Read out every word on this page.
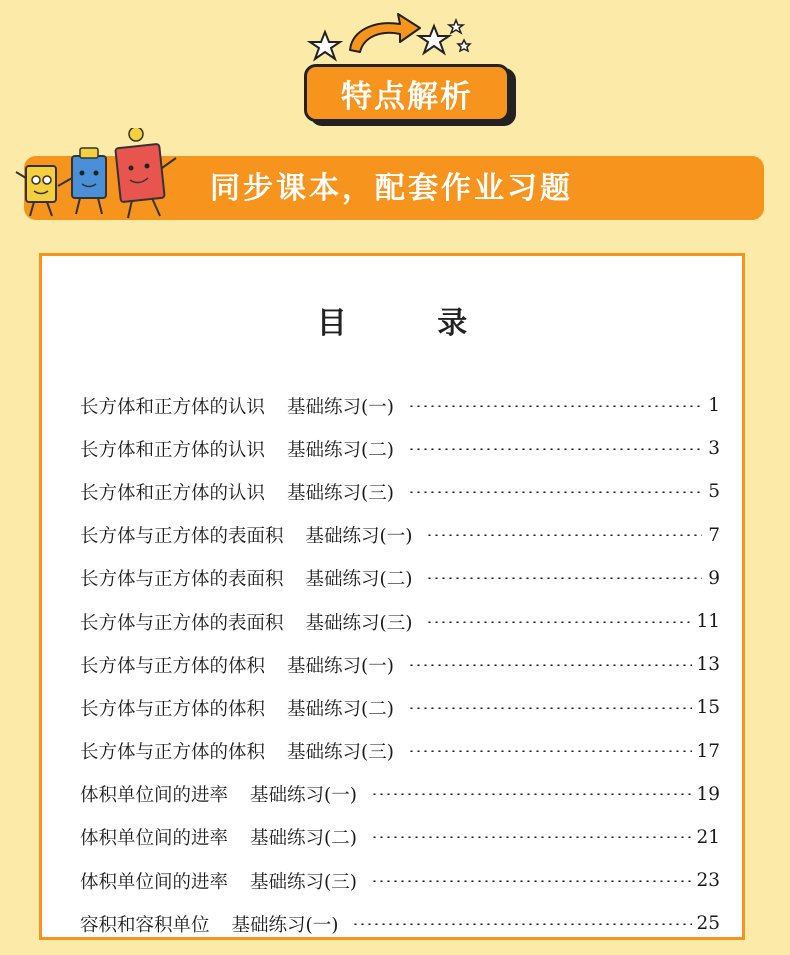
特点解析
同步课本，配套作业习题
目 录
长方体和正方体的认识 基础练习(一)	1
长方体和正方体的认识 基础练习(二)	3
长方体和正方体的认识 基础练习(三)	5
长方体与正方体的表面积 基础练习(一)	7
长方体与正方体的表面积 基础练习(二)	9
长方体与正方体的表面积 基础练习(三)	11
长方体与正方体的体积 基础练习(一)	13
长方体与正方体的体积 基础练习(二)	15
长方体与正方体的体积 基础练习(三)	17
体积单位间的进率 基础练习(一)	19
体积单位间的进率 基础练习(二)	21
体积单位间的进率 基础练习(三)	23
容积和容积单位 基础练习(一)	25
